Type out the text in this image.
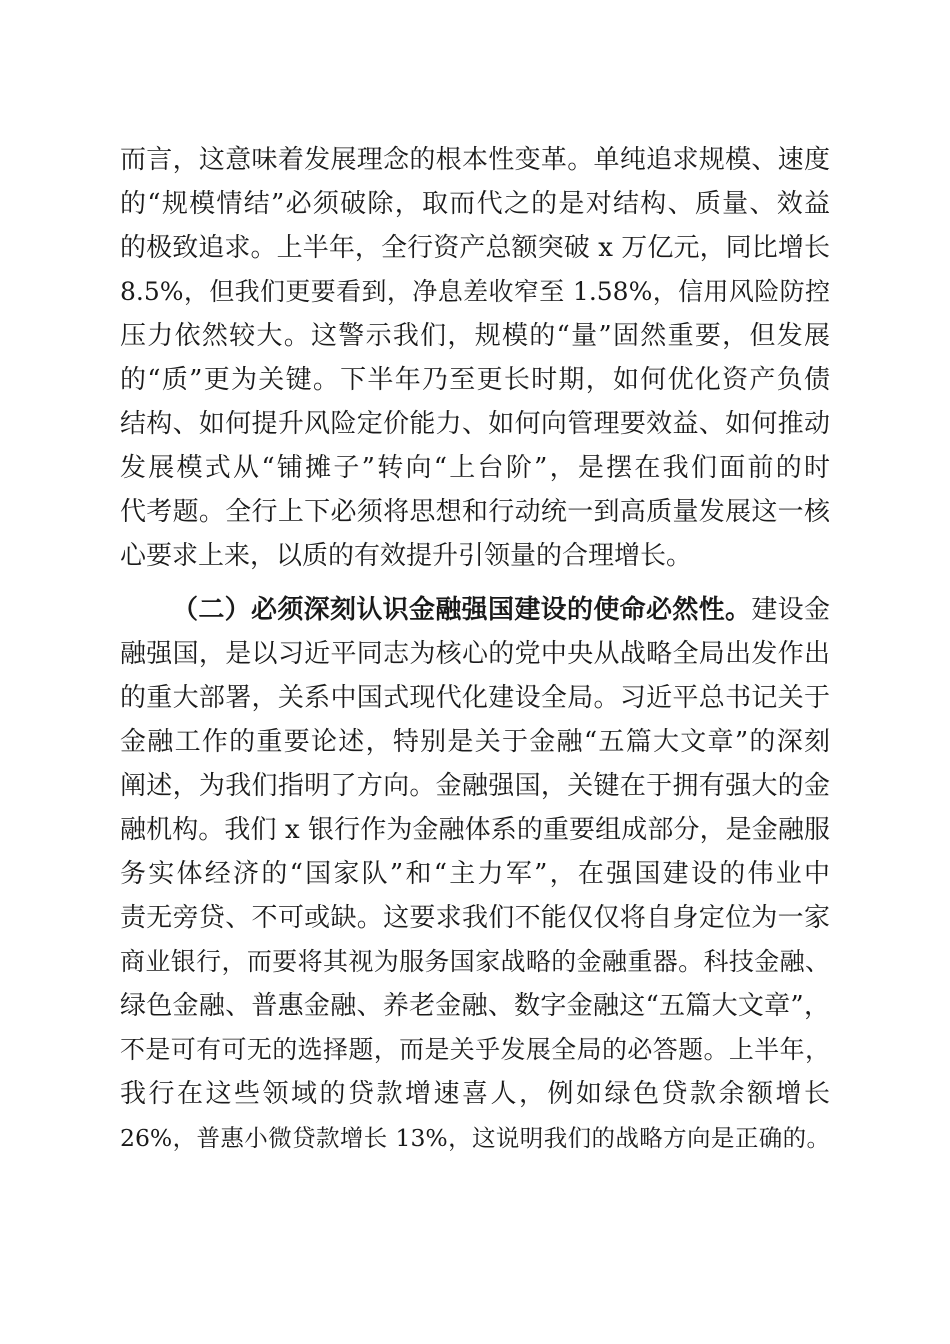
而言，这意味着发展理念的根本性变革。单纯追求规模、速度
的“规模情结”必须破除，取而代之的是对结构、质量、效益
的极致追求。上半年，全行资产总额突破 x 万亿元，同比增长
8.5%，但我们更要看到，净息差收窄至 1.58%，信用风险防控
压力依然较大。这警示我们，规模的“量”固然重要，但发展
的“质”更为关键。下半年乃至更长时期，如何优化资产负债
结构、如何提升风险定价能力、如何向管理要效益、如何推动
发展模式从“铺摊子”转向“上台阶”，是摆在我们面前的时
代考题。全行上下必须将思想和行动统一到高质量发展这一核
心要求上来，以质的有效提升引领量的合理增长。
（二）必须深刻认识金融强国建设的使命必然性。建设金
融强国，是以习近平同志为核心的党中央从战略全局出发作出
的重大部署，关系中国式现代化建设全局。习近平总书记关于
金融工作的重要论述，特别是关于金融“五篇大文章”的深刻
阐述，为我们指明了方向。金融强国，关键在于拥有强大的金
融机构。我们 x 银行作为金融体系的重要组成部分，是金融服
务实体经济的“国家队”和“主力军”，在强国建设的伟业中
责无旁贷、不可或缺。这要求我们不能仅仅将自身定位为一家
商业银行，而要将其视为服务国家战略的金融重器。科技金融、
绿色金融、普惠金融、养老金融、数字金融这“五篇大文章”，
不是可有可无的选择题，而是关乎发展全局的必答题。上半年，
我行在这些领域的贷款增速喜人，例如绿色贷款余额增长
26%，普惠小微贷款增长 13%，这说明我们的战略方向是正确的。
